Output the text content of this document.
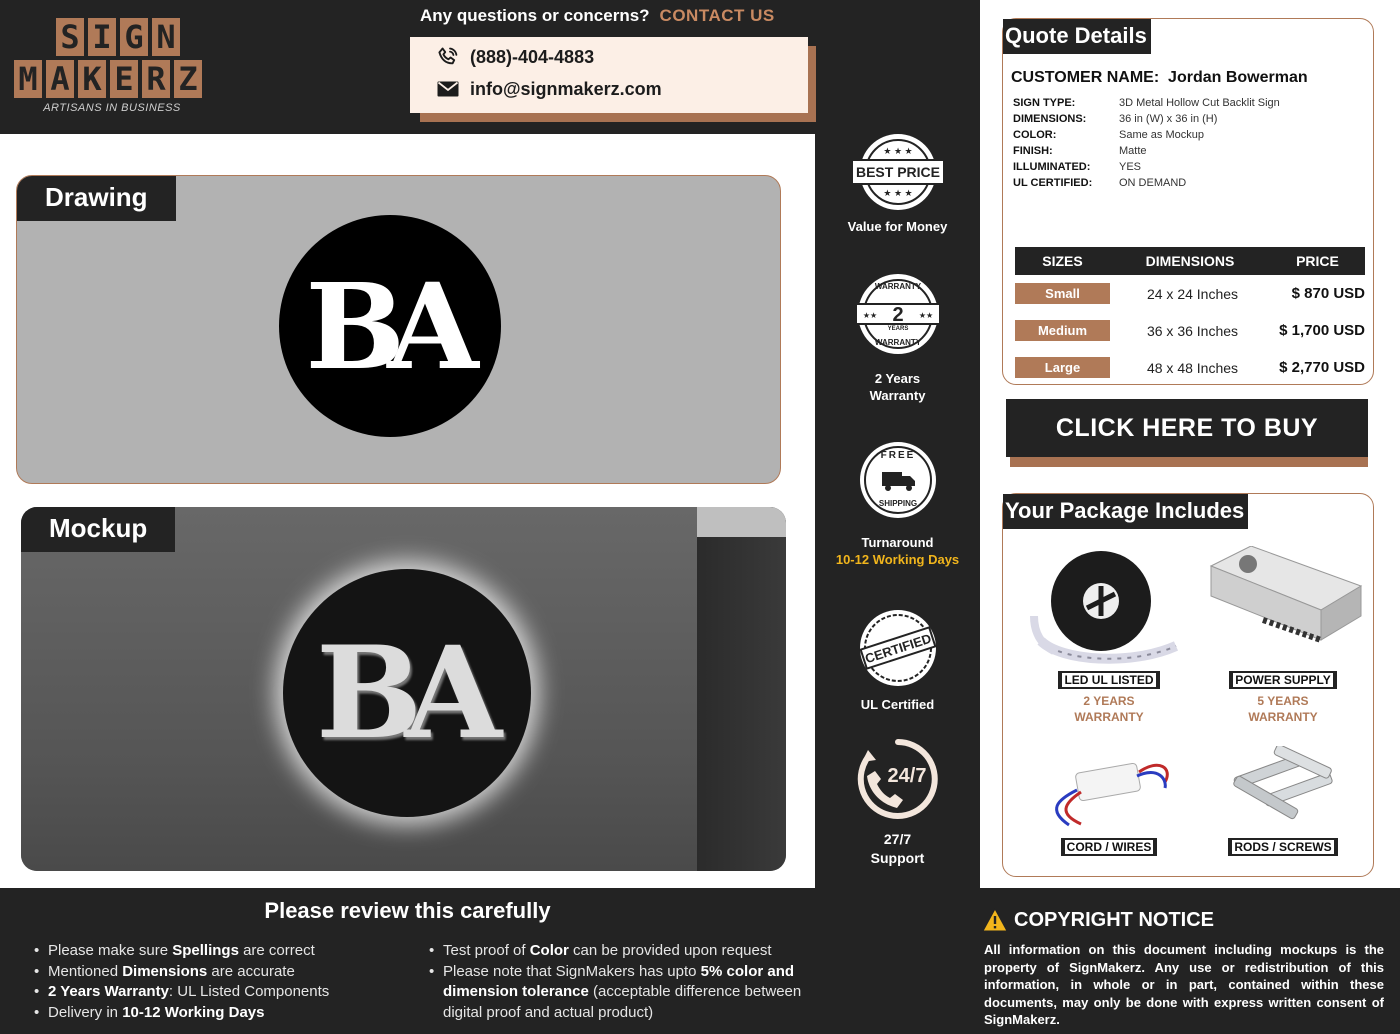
S I G N
M A K E R Z
ARTISANS IN BUSINESS
Any questions or concerns? CONTACT US
(888)-404-4883
info@signmakerz.com
Drawing
BA
BA
Mockup
BEST PRICE
★ ★ ★
★ ★ ★
Value for Money
WARRANTY
2
YEARS
WARRANTY
★★	★★
2 Years
Warranty
FREE
SHIPPING
Turnaround
10-12 Working Days
CERTIFIED
UL Certified
24/7
27/7
Support
Quote Details
CUSTOMER NAME: Jordan Bowerman
SIGN TYPE:	3D Metal Hollow Cut Backlit Sign
DIMENSIONS:	36 in (W) x 36 in (H)
COLOR:	Same as Mockup
FINISH:	Matte
ILLUMINATED:	YES
UL CERTIFIED:	ON DEMAND
SIZES	DIMENSIONS	PRICE
Small	24 x 24 Inches	$ 870 USD
Medium	36 x 36 Inches	$ 1,700 USD
Large	48 x 48 Inches	$ 2,770 USD
CLICK HERE TO BUY
Your Package Includes
LED UL LISTED
2 YEARS
WARRANTY
POWER SUPPLY
5 YEARS
WARRANTY
CORD / WIRES	RODS / SCREWS
Please review this carefully
• Please make sure Spellings are correct
• Mentioned Dimensions are accurate
• 2 Years Warranty: UL Listed Components
• Delivery in 10-12 Working Days
• Test proof of Color can be provided upon request
• Please note that SignMakers has upto 5% color and dimension tolerance (acceptable difference between digital proof and actual product)
COPYRIGHT NOTICE
All information on this document including mockups is the property of SignMakerz. Any use or redistribution of this information, in whole or in part, contained within these documents, may only be done with express written consent of SignMakerz.
